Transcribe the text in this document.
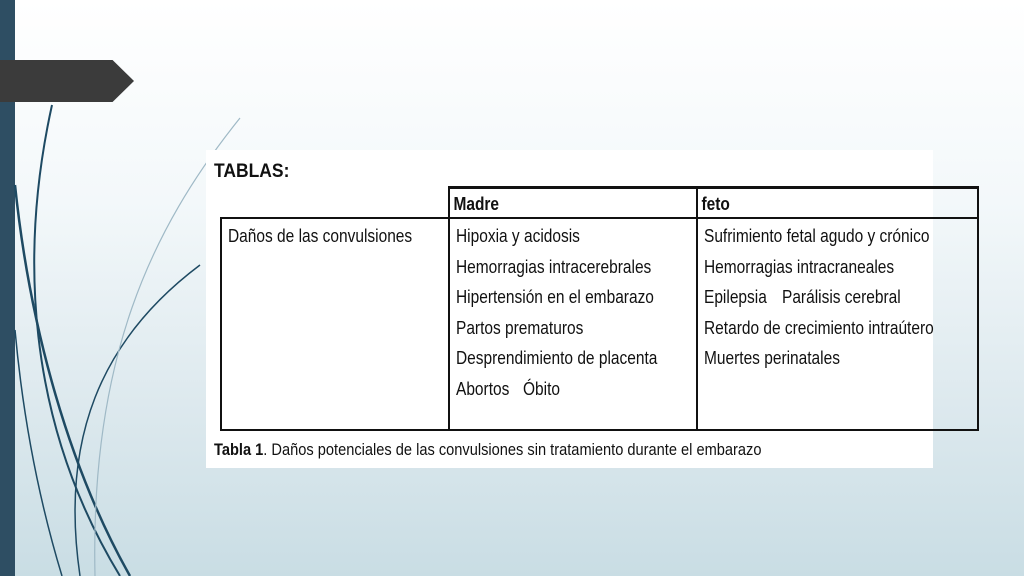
TABLAS:

	Madre	feto

Daños de las convulsiones	Hipoxia y acidosis Hemorragias intracerebrales Hipertensión en el embarazo Partos prematuros Desprendimiento de placenta Abortos Óbito	Sufrimiento fetal agudo y crónico Hemorragias intracraneales Epilepsia Parálisis cerebral Retardo de crecimiento intraútero Muertes perinatales
Tabla 1. Daños potenciales de las convulsiones sin tratamiento durante el embarazo
